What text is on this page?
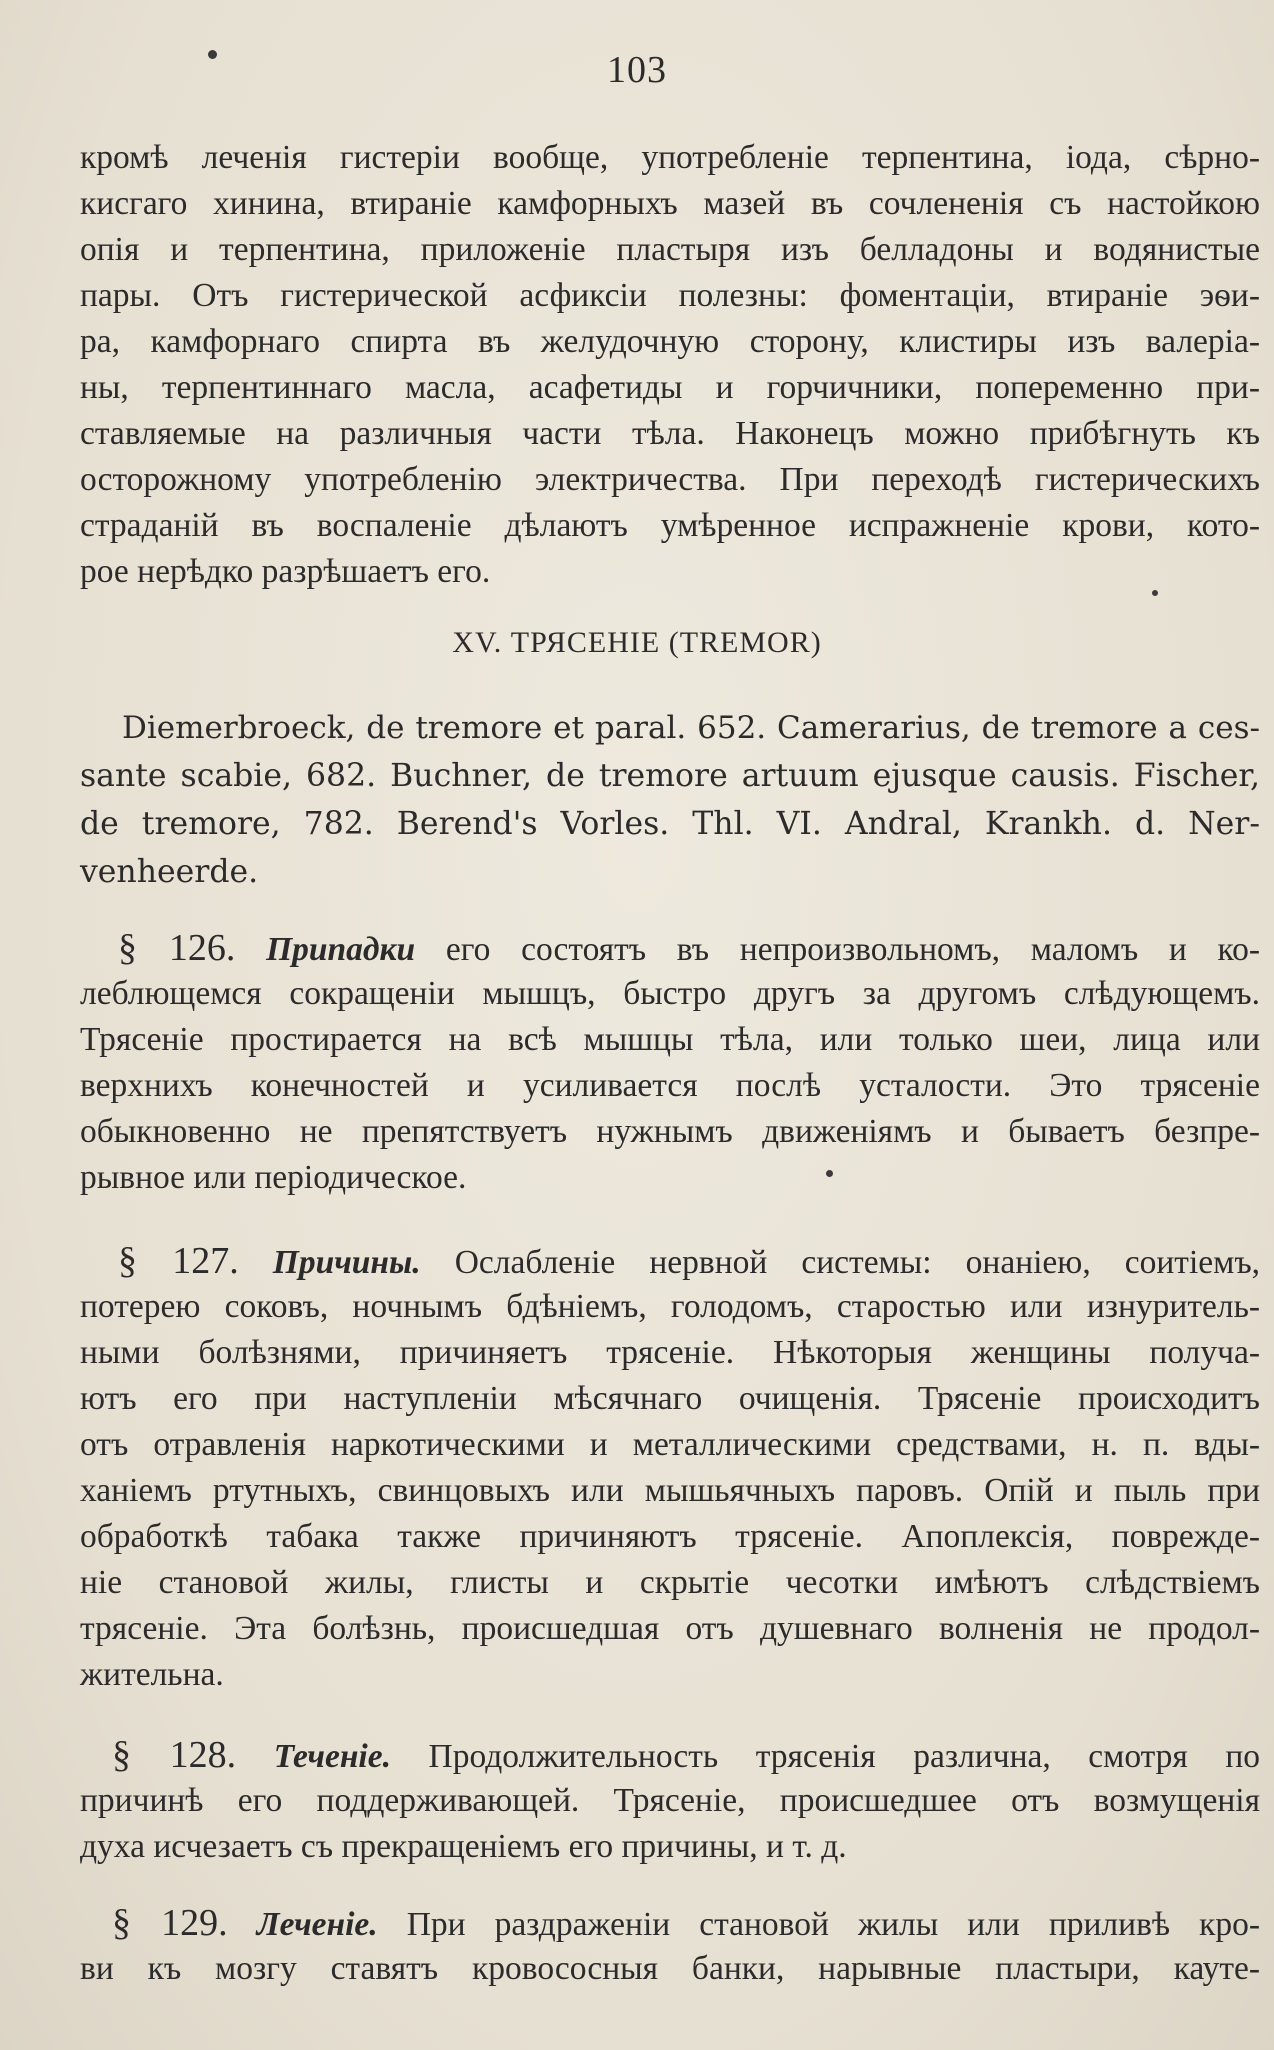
103
кромѣ леченія гистеріи вообще, употребленіе терпентина, іода, сѣрно-
кисгаго хинина, втираніе камфорныхъ мазей въ сочлененія съ настойкою
опія и терпентина, приложеніе пластыря изъ белладоны и водянистые
пары. Отъ гистерической асфиксіи полезны: фоментаціи, втираніе эѳи-
ра, камфорнаго спирта въ желудочную сторону, клистиры изъ валеріа-
ны, терпентиннаго масла, асафетиды и горчичники, попеременно при-
ставляемые на различныя части тѣла. Наконецъ можно прибѣгнуть къ
осторожному употребленію электричества. При переходѣ гистерическихъ
страданій въ воспаленіе дѣлаютъ умѣренное испражненіе крови, кото-
рое нерѣдко разрѣшаетъ его.
XV. ТРЯСЕНІЕ (TREMOR)
Diemerbroeck, de tremore et paral. 652. Camerarius, de tremore a ces-
sante scabie, 682. Buchner, de tremore artuum ejusque causis. Fischer,
de tremore, 782. Berend's Vorles. Thl. VI. Andral, Krankh. d. Ner-
venheerde.
§ 126. Припадки его состоятъ въ непроизвольномъ, маломъ и ко-
леблющемся сокращеніи мышцъ, быстро другъ за другомъ слѣдующемъ.
Трясеніе простирается на всѣ мышцы тѣла, или только шеи, лица или
верхнихъ конечностей и усиливается послѣ усталости. Это трясеніе
обыкновенно не препятствуетъ нужнымъ движеніямъ и бываетъ безпре-
рывное или періодическое.
§ 127. Причины. Ослабленіе нервной системы: онаніею, соитіемъ,
потерею соковъ, ночнымъ бдѣніемъ, голодомъ, старостью или изнуритель-
ными болѣзнями, причиняетъ трясеніе. Нѣкоторыя женщины получа-
ютъ его при наступленіи мѣсячнаго очищенія. Трясеніе происходитъ
отъ отравленія наркотическими и металлическими средствами, н. п. вды-
ханіемъ ртутныхъ, свинцовыхъ или мышьячныхъ паровъ. Опій и пыль при
обработкѣ табака также причиняютъ трясеніе. Апоплексія, поврежде-
ніе становой жилы, глисты и скрытіе чесотки имѣютъ слѣдствіемъ
трясеніе. Эта болѣзнь, происшедшая отъ душевнаго волненія не продол-
жительна.
§ 128. Теченіе. Продолжительность трясенія различна, смотря по
причинѣ его поддерживающей. Трясеніе, происшедшее отъ возмущенія
духа исчезаетъ съ прекращеніемъ его причины, и т. д.
§ 129. Леченіе. При раздраженіи становой жилы или приливѣ кро-
ви къ мозгу ставятъ кровососныя банки, нарывные пластыри, кауте-
